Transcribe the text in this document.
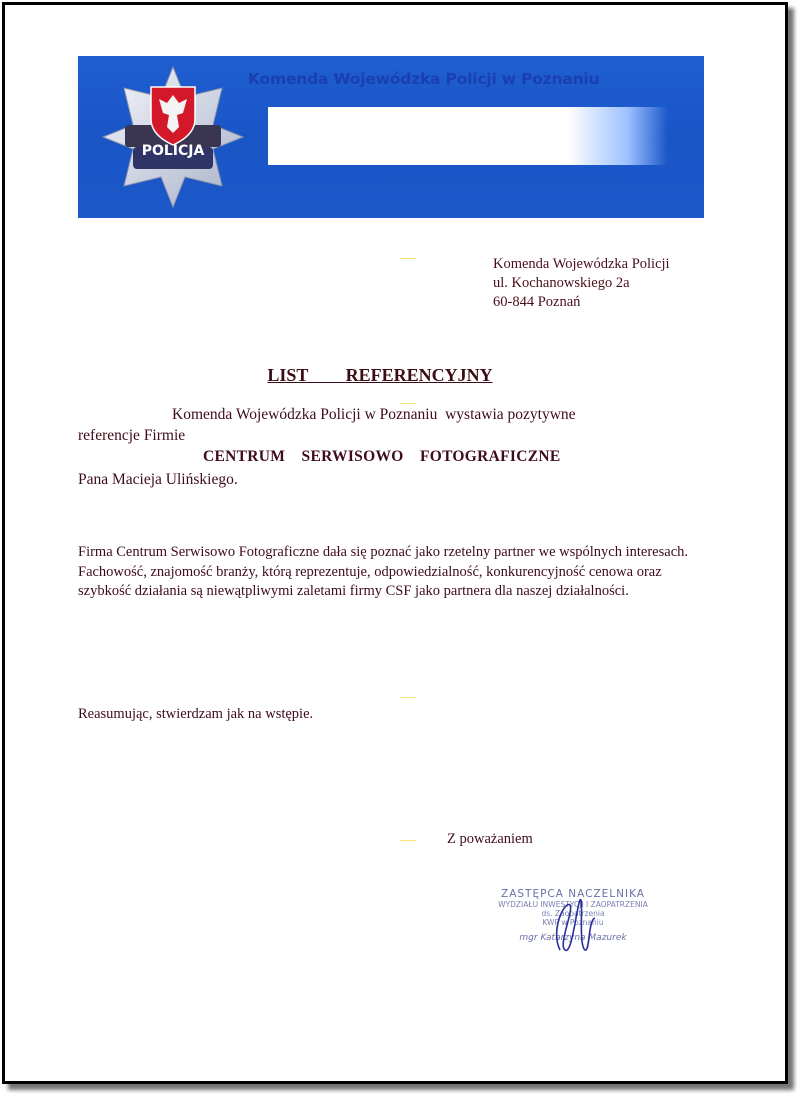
POLICJA
Komenda Wojewódzka Policji w Poznaniu
Komenda Wojewódzka Policji
ul. Kochanowskiego 2a
60-844 Poznań
LIST   REFERENCYJNY
Komenda Wojewódzka Policji w Poznaniu  wystawia pozytywne
referencje Firmie
CENTRUM  SERWISOWO  FOTOGRAFICZNE
Pana Macieja Ulińskiego.
Firma Centrum Serwisowo Fotograficzne dała się poznać jako rzetelny partner we wspólnych interesach. Fachowość, znajomość branży, którą reprezentuje, odpowiedzialność, konkurencyjność cenowa oraz szybkość działania są niewątpliwymi zaletami firmy CSF jako partnera dla naszej działalności.
Reasumując, stwierdzam jak na wstępie.
Z poważaniem
ZASTĘPCA NACZELNIKA
WYDZIAŁU INWESTYCJI I ZAOPATRZENIA
ds. Zaopatrzenia
KWP w Poznaniu
mgr Katarzyna Mazurek
